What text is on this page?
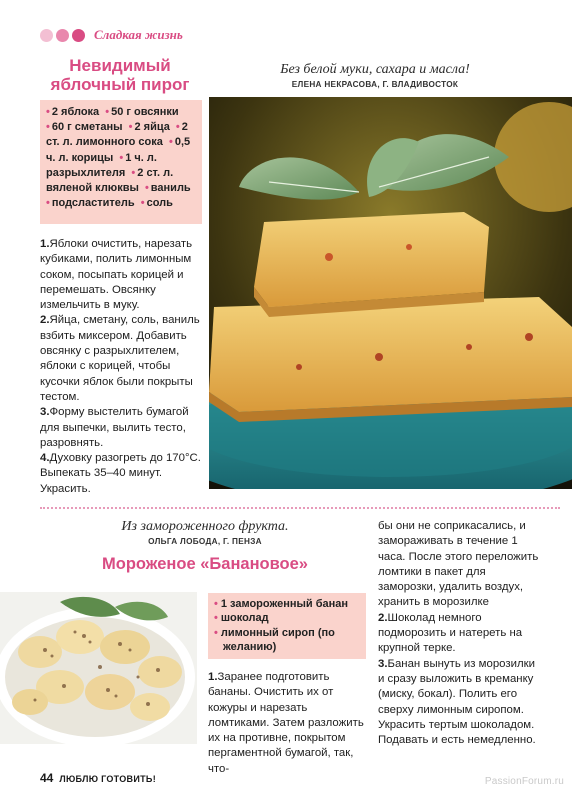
Сладкая жизнь
Невидимый
яблочный пирог
• 2 яблока • 50 г овсянки • 60 г сметаны • 2 яйца • 2 ст. л. лимонного сока • 0,5 ч. л. корицы • 1 ч. л. разрыхлителя • 2 ст. л. вяленой клюквы • ваниль • подсластитель • соль
1.Яблоки очистить, нарезать кубиками, полить лимонным соком, посыпать корицей и перемешать. Овсянку измельчить в муку.
2.Яйца, сметану, соль, ваниль взбить миксером. Добавить овсянку с разрыхлителем, яблоки с корицей, чтобы кусочки яблок были покрыты тестом.
3.Форму выстелить бумагой для выпечки, вылить тесто, разровнять.
4.Духовку разогреть до 170°C. Выпекать 35–40 минут. Украсить.
Без белой муки, сахара и масла!
ЕЛЕНА НЕКРАСОВА, Г. ВЛАДИВОСТОК
Из замороженного фрукта.
ОЛЬГА ЛОБОДА, Г. ПЕНЗА
Мороженое «Банановое»
• 1 замороженный банан
• шоколад
• лимонный сироп (по желанию)
1.Заранее подготовить бананы. Очистить их от кожуры и нарезать ломтиками. Затем разложить их на противне, покрытом пергаментной бумагой, так, что-
бы они не соприкасались, и замораживать в течение 1 часа. После этого переложить ломтики в пакет для заморозки, удалить воздух, хранить в морозилке
2.Шоколад немного подморозить и натереть на крупной терке.
3.Банан вынуть из морозилки и сразу выложить в креманку (миску, бокал). Полить его сверху лимонным сиропом. Украсить тертым шоколадом. Подавать и есть немедленно.
44 ЛЮБЛЮ ГОТОВИТЬ!	PassionForum.ru
